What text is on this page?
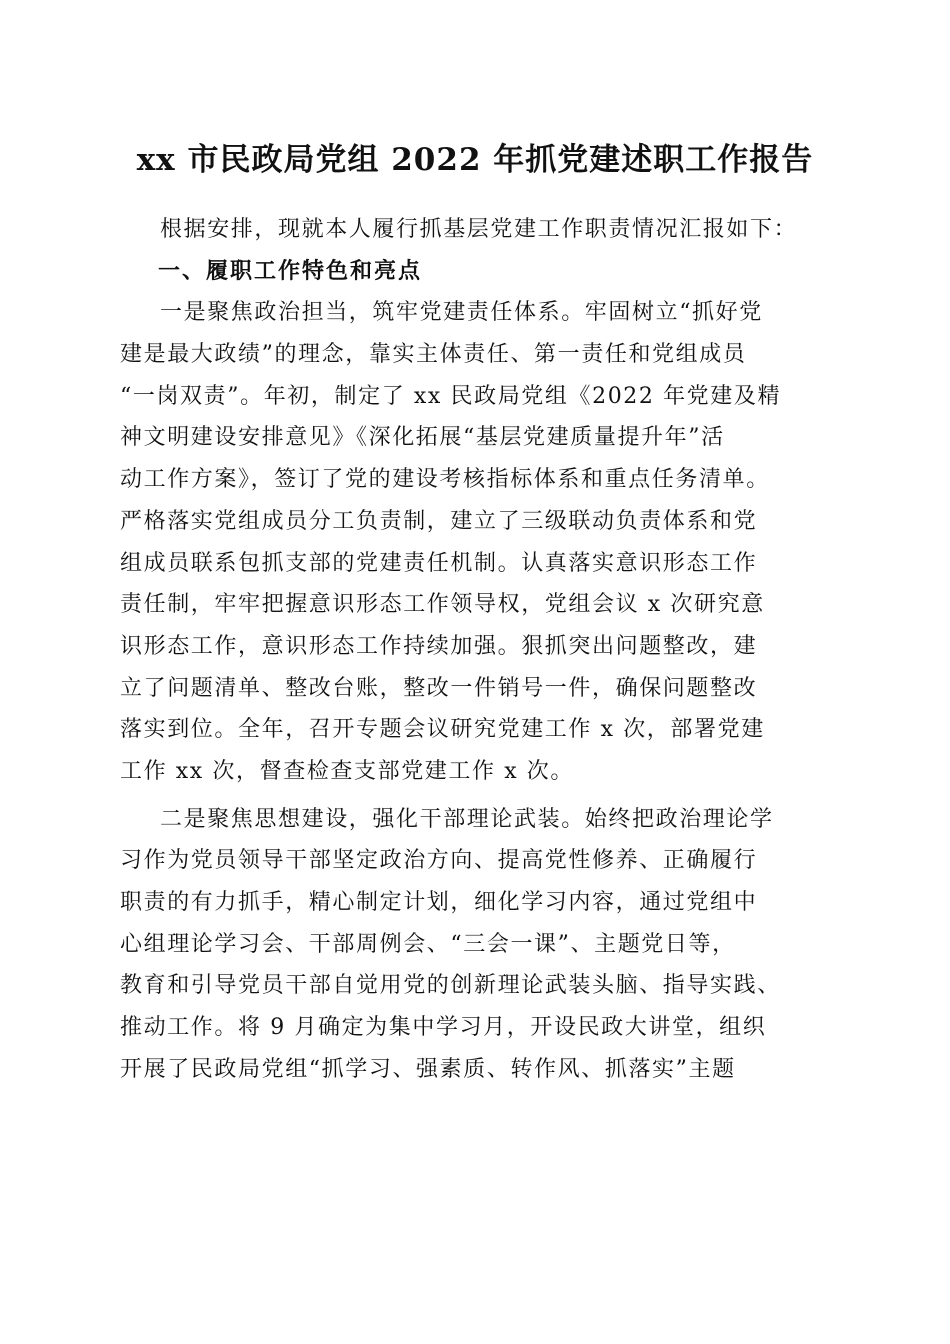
xx 市民政局党组 2022 年抓党建述职工作报告
根据安排，现就本人履行抓基层党建工作职责情况汇报如下：
一、履职工作特色和亮点
一是聚焦政治担当，筑牢党建责任体系。牢固树立“抓好党
建是最大政绩”的理念，靠实主体责任、第一责任和党组成员
“一岗双责”。年初，制定了 xx 民政局党组《2022 年党建及精
神文明建设安排意见》《深化拓展“基层党建质量提升年”活
动工作方案》，签订了党的建设考核指标体系和重点任务清单。
严格落实党组成员分工负责制，建立了三级联动负责体系和党
组成员联系包抓支部的党建责任机制。认真落实意识形态工作
责任制，牢牢把握意识形态工作领导权，党组会议 x 次研究意
识形态工作，意识形态工作持续加强。狠抓突出问题整改，建
立了问题清单、整改台账，整改一件销号一件，确保问题整改
落实到位。全年，召开专题会议研究党建工作 x 次，部署党建
工作 xx 次，督查检查支部党建工作 x 次。
二是聚焦思想建设，强化干部理论武装。始终把政治理论学
习作为党员领导干部坚定政治方向、提高党性修养、正确履行
职责的有力抓手，精心制定计划，细化学习内容，通过党组中
心组理论学习会、干部周例会、“三会一课”、主题党日等，
教育和引导党员干部自觉用党的创新理论武装头脑、指导实践、
推动工作。将 9 月确定为集中学习月，开设民政大讲堂，组织
开展了民政局党组“抓学习、强素质、转作风、抓落实”主题
